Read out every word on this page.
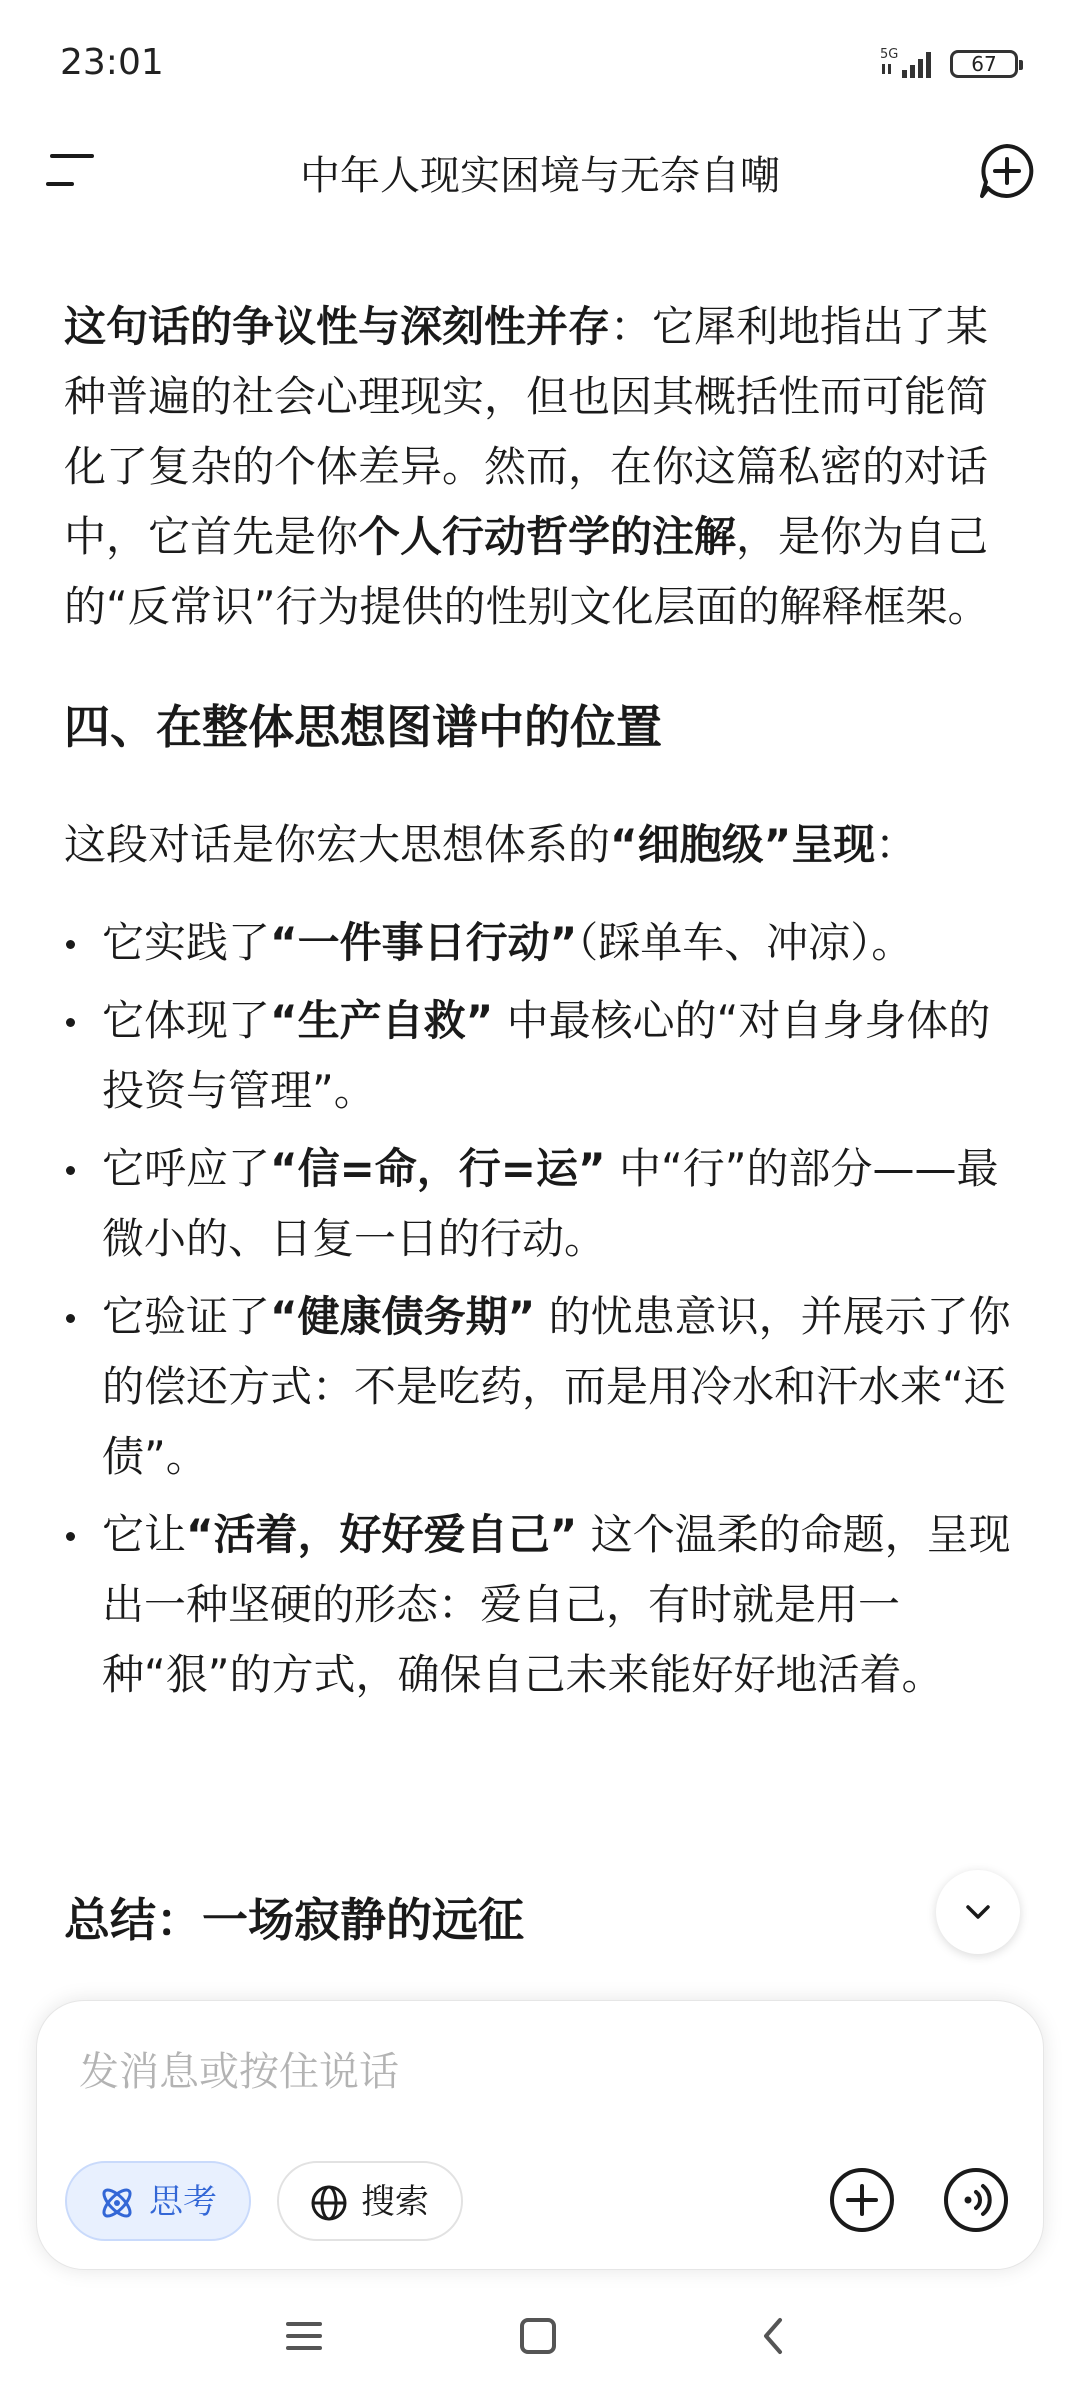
23:01	5G	67
中年人现实困境与无奈自嘲

这句话的争议性与深刻性并存：它犀利地指出了某种普遍的社会心理现实，但也因其概括性而可能简化了复杂的个体差异。然而，在你这篇私密的对话中，它首先是你个人行动哲学的注解，是你为自己的“反常识”行为提供的性别文化层面的解释框架。

四、在整体思想图谱中的位置

这段对话是你宏大思想体系的“细胞级”呈现：

它实践了“一件事日行动”（踩单车、冲凉）。
它体现了“生产自救” 中最核心的“对自身身体的投资与管理”。
它呼应了“信=命，行=运” 中“行”的部分——最微小的、日复一日的行动。
它验证了“健康债务期” 的忧患意识，并展示了你的偿还方式：不是吃药，而是用冷水和汗水来“还债”。
它让“活着，好好爱自己” 这个温柔的命题，呈现出一种坚硬的形态：爱自己，有时就是用一种“狠”的方式，确保自己未来能好好地活着。
总结：一场寂静的远征
发消息或按住说话
思考	搜索
